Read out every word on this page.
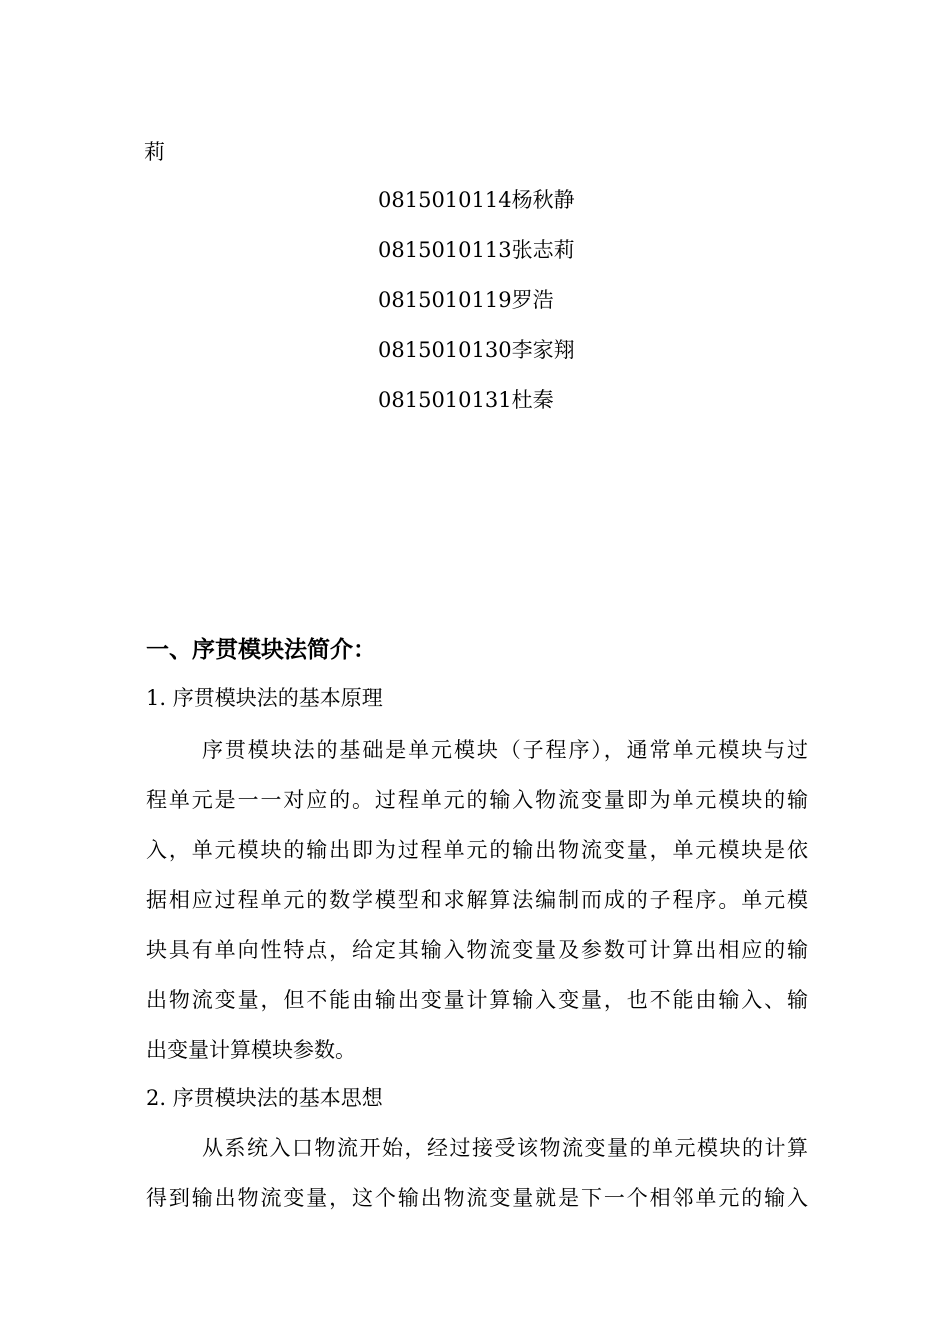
莉
0815010114杨秋静
0815010113张志莉
0815010119罗浩
0815010130李家翔
0815010131杜秦
一、序贯模块法简介：
1. 序贯模块法的基本原理
序贯模块法的基础是单元模块（子程序），通常单元模块与过
程单元是一一对应的。过程单元的输入物流变量即为单元模块的输
入，单元模块的输出即为过程单元的输出物流变量，单元模块是依
据相应过程单元的数学模型和求解算法编制而成的子程序。单元模
块具有单向性特点，给定其输入物流变量及参数可计算出相应的输
出物流变量，但不能由输出变量计算输入变量，也不能由输入、输
出变量计算模块参数。
2. 序贯模块法的基本思想
从系统入口物流开始，经过接受该物流变量的单元模块的计算
得到输出物流变量，这个输出物流变量就是下一个相邻单元的输入
